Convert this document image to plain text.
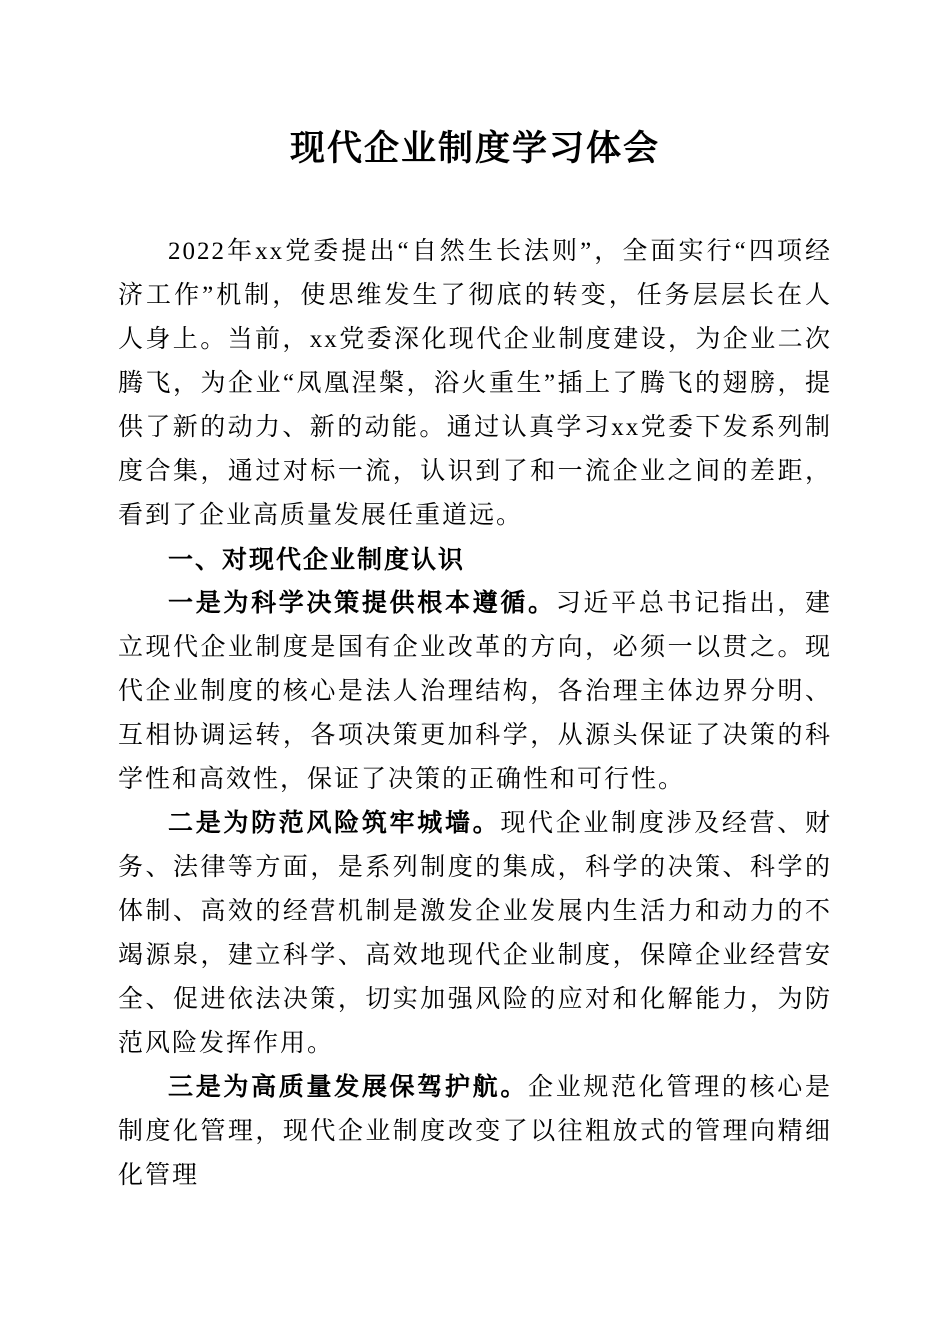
现代企业制度学习体会

2022年xx党委提出“自然生长法则”，全面实行“四项经济工作”机制，使思维发生了彻底的转变，任务层层长在人人身上。当前，xx党委深化现代企业制度建设，为企业二次腾飞，为企业“凤凰涅槃，浴火重生”插上了腾飞的翅膀，提供了新的动力、新的动能。通过认真学习xx党委下发系列制度合集，通过对标一流，认识到了和一流企业之间的差距，看到了企业高质量发展任重道远。

一、对现代企业制度认识

一是为科学决策提供根本遵循。习近平总书记指出，建立现代企业制度是国有企业改革的方向，必须一以贯之。现代企业制度的核心是法人治理结构，各治理主体边界分明、互相协调运转，各项决策更加科学，从源头保证了决策的科学性和高效性，保证了决策的正确性和可行性。

二是为防范风险筑牢城墙。现代企业制度涉及经营、财务、法律等方面，是系列制度的集成，科学的决策、科学的体制、高效的经营机制是激发企业发展内生活力和动力的不竭源泉，建立科学、高效地现代企业制度，保障企业经营安全、促进依法决策，切实加强风险的应对和化解能力，为防范风险发挥作用。

三是为高质量发展保驾护航。企业规范化管理的核心是制度化管理，现代企业制度改变了以往粗放式的管理向精细化管理
